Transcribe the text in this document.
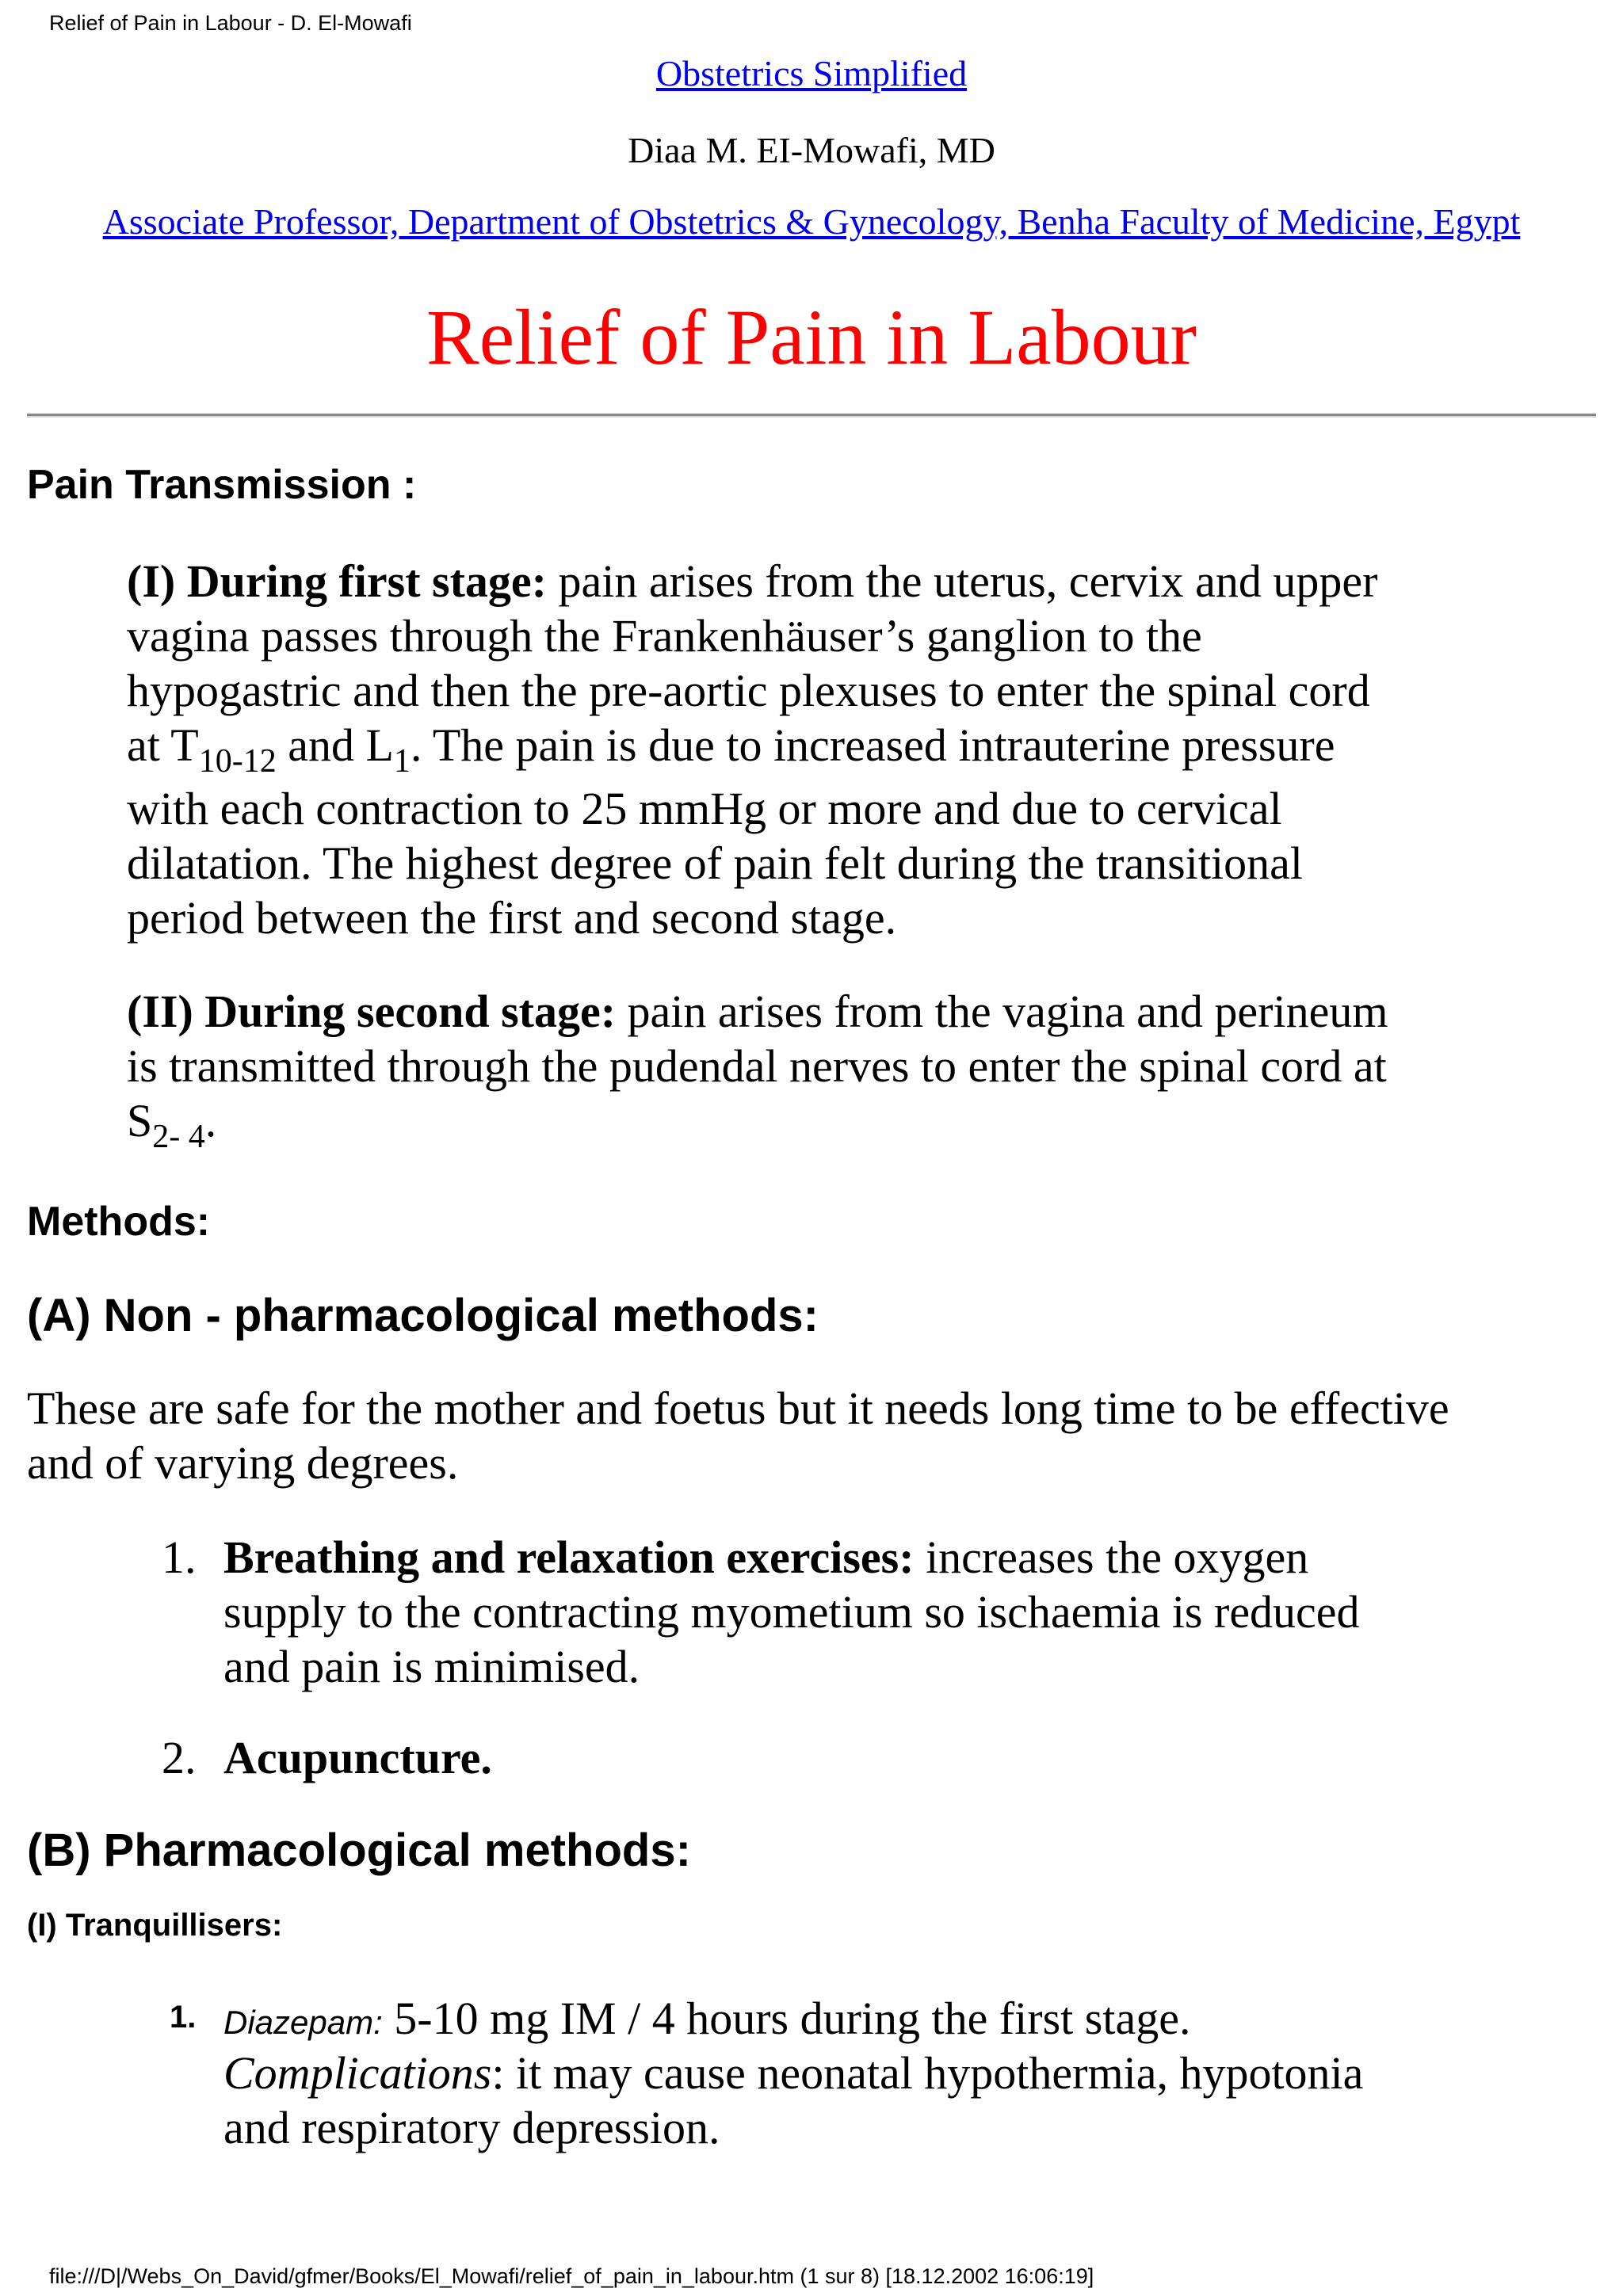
Relief of Pain in Labour - D. El-Mowafi
Obstetrics Simplified
Diaa M. EI-Mowafi, MD
Associate Professor, Department of Obstetrics & Gynecology, Benha Faculty of Medicine, Egypt
Relief of Pain in Labour
Pain Transmission :
(I) During first stage: pain arises from the uterus, cervix and upper
vagina passes through the Frankenhäuser’s ganglion to the
hypogastric and then the pre-aortic plexuses to enter the spinal cord
at $T_{10-12}$ and $L_1$. The pain is due to increased intrauterine pressure
with each contraction to 25 mmHg or more and due to cervical
dilatation. The highest degree of pain felt during the transitional
period between the first and second stage.
(II) During second stage: pain arises from the vagina and perineum
is transmitted through the pudendal nerves to enter the spinal cord at
$S_{2- 4}$.
Methods:
(A) Non - pharmacological methods:
These are safe for the mother and foetus but it needs long time to be effective
and of varying degrees.
1. Breathing and relaxation exercises: increases the oxygen
supply to the contracting myometium so ischaemia is reduced
and pain is minimised.
2. Acupuncture.
(B) Pharmacological methods:
(I) Tranquillisers:
1. Diazepam: 5-10 mg IM / 4 hours during the first stage.
Complications: it may cause neonatal hypothermia, hypotonia
and respiratory depression.
file:///D|/Webs_On_David/gfmer/Books/El_Mowafi/relief_of_pain_in_labour.htm (1 sur 8) [18.12.2002 16:06:19]
